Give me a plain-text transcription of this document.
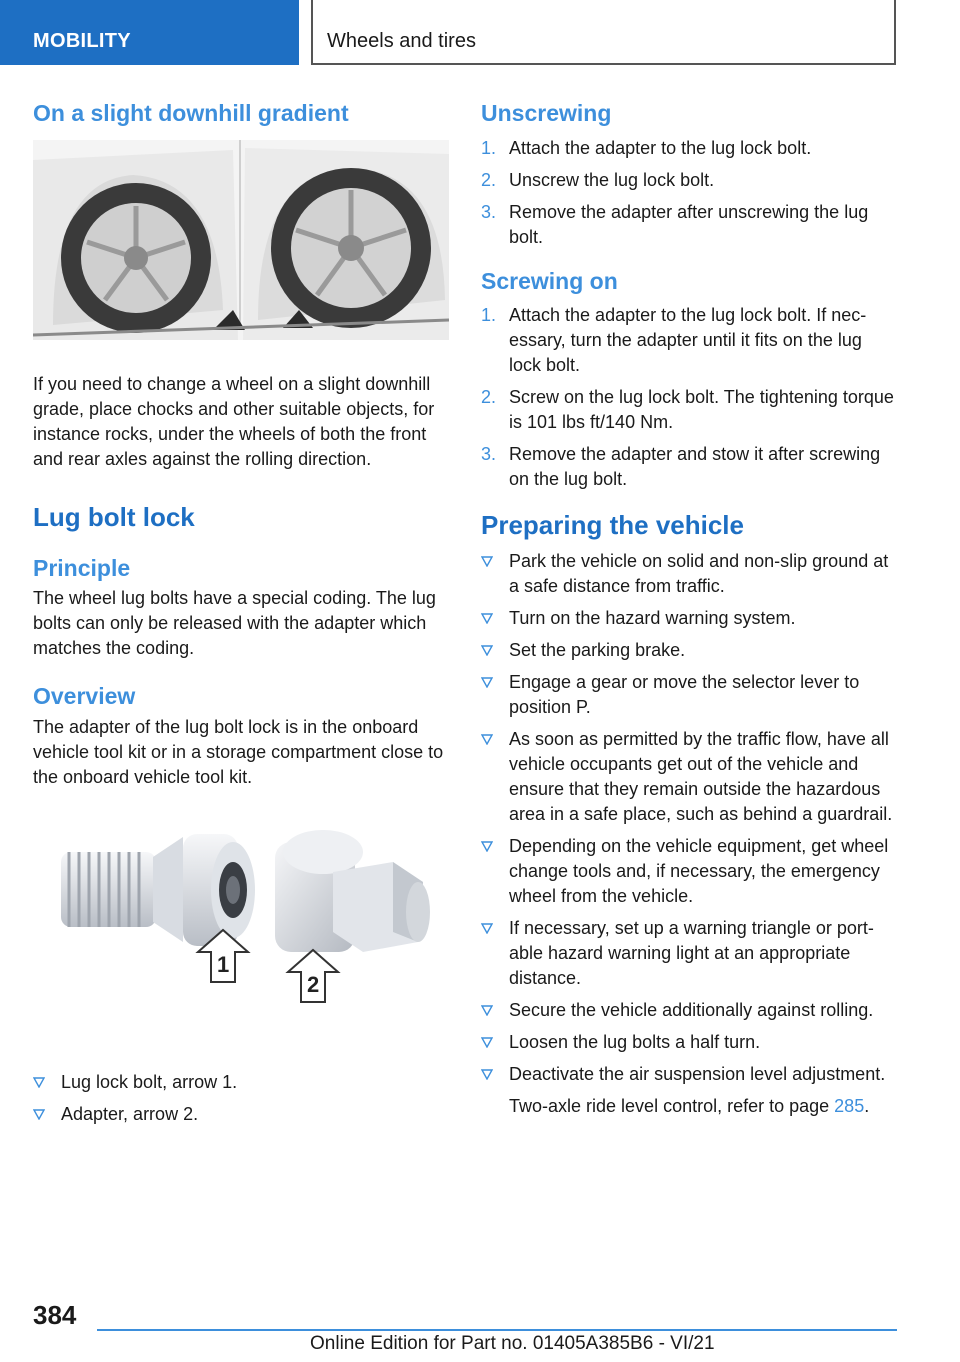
MOBILITY	Wheels and tires
On a slight downhill gradient

If you need to change a wheel on a slight downhill grade, place chocks and other suitable objects, for instance rocks, under the wheels of both the front and rear axles against the rolling direction.

Lug bolt lock
Principle

The wheel lug bolts have a special coding. The lug bolts can only be released with the adapter which matches the coding.

Overview

The adapter of the lug bolt lock is in the onboard vehicle tool kit or in a storage compartment close to the onboard vehicle tool kit.

1
2
Lug lock bolt, arrow 1.
Adapter, arrow 2.
Unscrewing
1. Attach the adapter to the lug lock bolt.
2. Unscrew the lug lock bolt.
3. Remove the adapter after unscrewing the lug bolt.
Screwing on
1. Attach the adapter to the lug lock bolt. If necessary, turn the adapter until it fits on the lug lock bolt.
2. Screw on the lug lock bolt. The tightening torque is 101 lbs ft/140 Nm.
3. Remove the adapter and stow it after screwing on the lug bolt.
Preparing the vehicle
Park the vehicle on solid and non-slip ground at a safe distance from traffic.
Turn on the hazard warning system.
Set the parking brake.
Engage a gear or move the selector lever to position P.
As soon as permitted by the traffic flow, have all vehicle occupants get out of the vehicle and ensure that they remain outside the hazardous area in a safe place, such as behind a guardrail.
Depending on the vehicle equipment, get wheel change tools and, if necessary, the emergency wheel from the vehicle.
If necessary, set up a warning triangle or portable hazard warning light at an appropriate distance.
Secure the vehicle additionally against rolling.
Loosen the lug bolts a half turn.
Deactivate the air suspension level adjustment.
Two-axle ride level control, refer to page 285.
384
Online Edition for Part no. 01405A385B6 - VI/21
